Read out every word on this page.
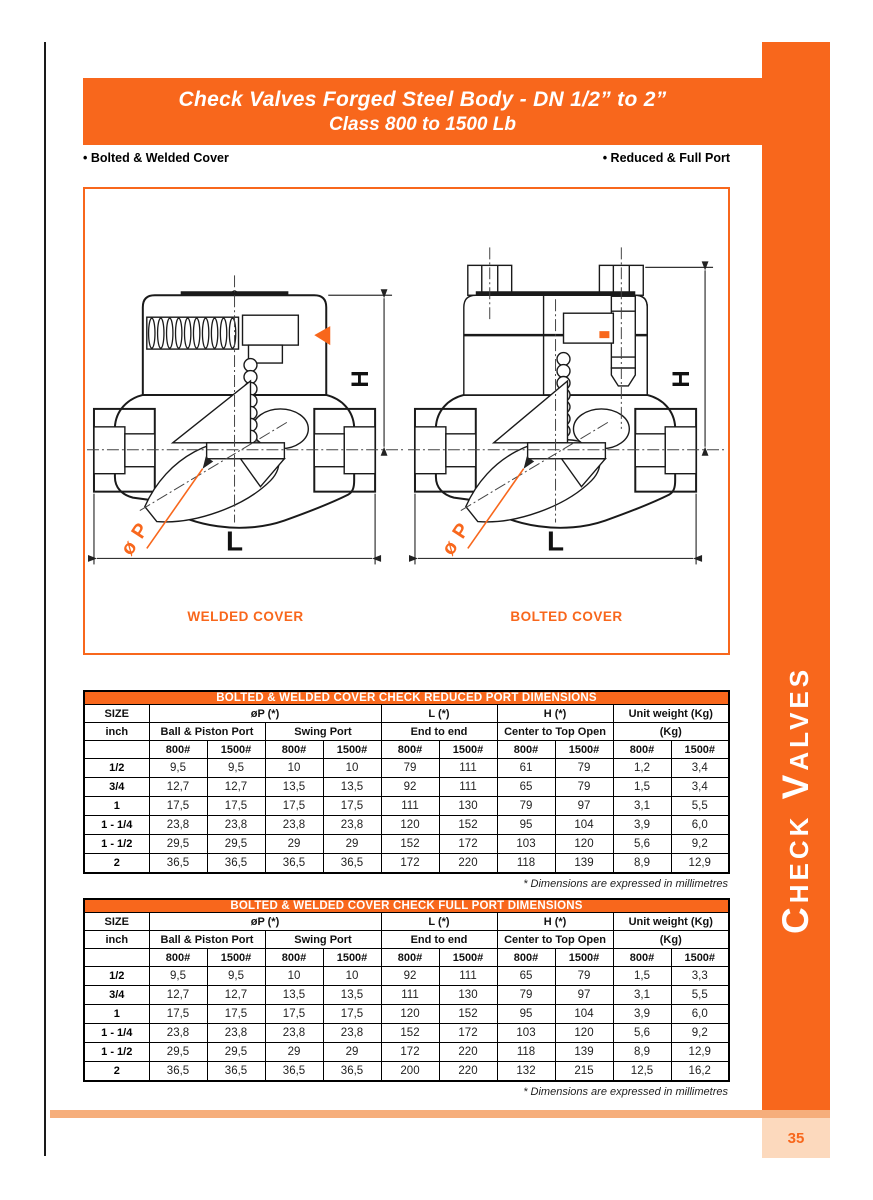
Check Valves
Check Valves Forged Steel Body - DN 1/2” to 2”
Class 800 to 1500 Lb
• Bolted & Welded Cover	• Reduced & Full Port
H
L
ø P
WELDED COVER
H
L
ø P
BOLTED COVER
BOLTED & WELDED COVER CHECK REDUCED PORT DIMENSIONS										
SIZE	øP (*)				L (*)		H (*)		Unit weight (Kg)	
inch	Ball & Piston Port		Swing Port		End to end		Center to Top Open		(Kg)	
	800#	1500#	800#	1500#	800#	1500#	800#	1500#	800#	1500#
1/2	9,5	9,5	10	10	79	111	61	79	1,2	3,4
3/4	12,7	12,7	13,5	13,5	92	111	65	79	1,5	3,4
1	17,5	17,5	17,5	17,5	111	130	79	97	3,1	5,5
1 - 1/4	23,8	23,8	23,8	23,8	120	152	95	104	3,9	6,0
1 - 1/2	29,5	29,5	29	29	152	172	103	120	5,6	9,2
2	36,5	36,5	36,5	36,5	172	220	118	139	8,9	12,9
* Dimensions are expressed in millimetres
BOLTED & WELDED COVER CHECK FULL PORT DIMENSIONS										
SIZE	øP (*)				L (*)		H (*)		Unit weight (Kg)	
inch	Ball & Piston Port		Swing Port		End to end		Center to Top Open		(Kg)	
	800#	1500#	800#	1500#	800#	1500#	800#	1500#	800#	1500#
1/2	9,5	9,5	10	10	92	111	65	79	1,5	3,3
3/4	12,7	12,7	13,5	13,5	111	130	79	97	3,1	5,5
1	17,5	17,5	17,5	17,5	120	152	95	104	3,9	6,0
1 - 1/4	23,8	23,8	23,8	23,8	152	172	103	120	5,6	9,2
1 - 1/2	29,5	29,5	29	29	172	220	118	139	8,9	12,9
2	36,5	36,5	36,5	36,5	200	220	132	215	12,5	16,2
* Dimensions are expressed in millimetres
35
